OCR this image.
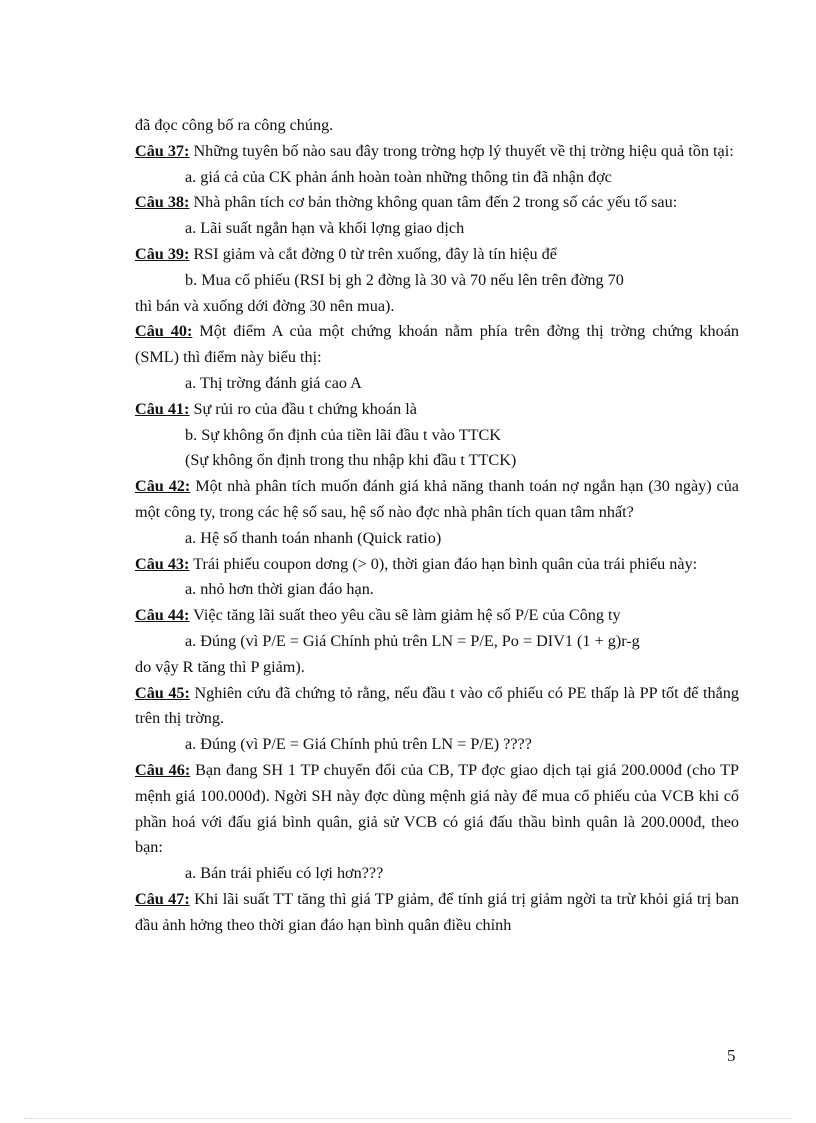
đã đọc công bố ra công chúng.

Câu 37: Những tuyên bố nào sau đây trong trờng hợp lý thuyết về thị trờng hiệu quả tồn tại:

a. giá cả của CK phản ánh hoàn toàn những thông tin đã nhận đợc

Câu 38: Nhà phân tích cơ bản thờng không quan tâm đến 2 trong số các yếu tố sau:

a. Lãi suất ngắn hạn và khối lợng giao dịch

Câu 39: RSI giảm và cắt đờng 0 từ trên xuống, đây là tín hiệu để

b. Mua cổ phiếu (RSI bị gh 2 đờng là 30 và 70 nếu lên trên đờng 70

thì bán và xuống dới đờng 30 nên mua).

Câu 40: Một điểm A của một chứng khoán nằm phía trên đờng thị trờng chứng khoán (SML) thì điểm này biểu thị:

a. Thị trờng đánh giá cao A

Câu 41: Sự rủi ro của đầu t chứng khoán là

b. Sự không ổn định của tiền lãi đầu t vào TTCK

(Sự không ổn định trong thu nhập khi đầu t TTCK)

Câu 42: Một nhà phân tích muốn đánh giá khả năng thanh toán nợ ngắn hạn (30 ngày) của một công ty, trong các hệ số sau, hệ số nào đợc nhà phân tích quan tâm nhất?

a. Hệ số thanh toán nhanh (Quick ratio)

Câu 43: Trái phiếu coupon dơng (> 0), thời gian đáo hạn bình quân của trái phiếu này:

a. nhỏ hơn thời gian đáo hạn.

Câu 44: Việc tăng lãi suất theo yêu cầu sẽ làm giảm hệ số P/E của Công ty

a. Đúng (vì P/E = Giá Chính phủ trên LN = P/E, Po = DIV1 (1 + g)r-g

do vậy R tăng thì P giảm).

Câu 45: Nghiên cứu đã chứng tỏ rằng, nếu đầu t vào cổ phiếu có PE thấp là PP tốt để thắng trên thị trờng.

a. Đúng (vì P/E = Giá Chính phủ trên LN = P/E) ????

Câu 46: Bạn đang SH 1 TP chuyển đổi của CB, TP đợc giao dịch tại giá 200.000đ (cho TP mệnh giá 100.000đ). Ngời SH này đợc dùng mệnh giá này để mua cổ phiếu của VCB khi cổ phần hoá với đấu giá bình quân, giả sử VCB có giá đấu thầu bình quân là 200.000đ, theo bạn:

a. Bán trái phiếu có lợi hơn???

Câu 47: Khi lãi suất TT tăng thì giá TP giảm, để tính giá trị giảm ngời ta trừ khỏi giá trị ban đầu ảnh hởng theo thời gian đáo hạn bình quân điều chỉnh

5
